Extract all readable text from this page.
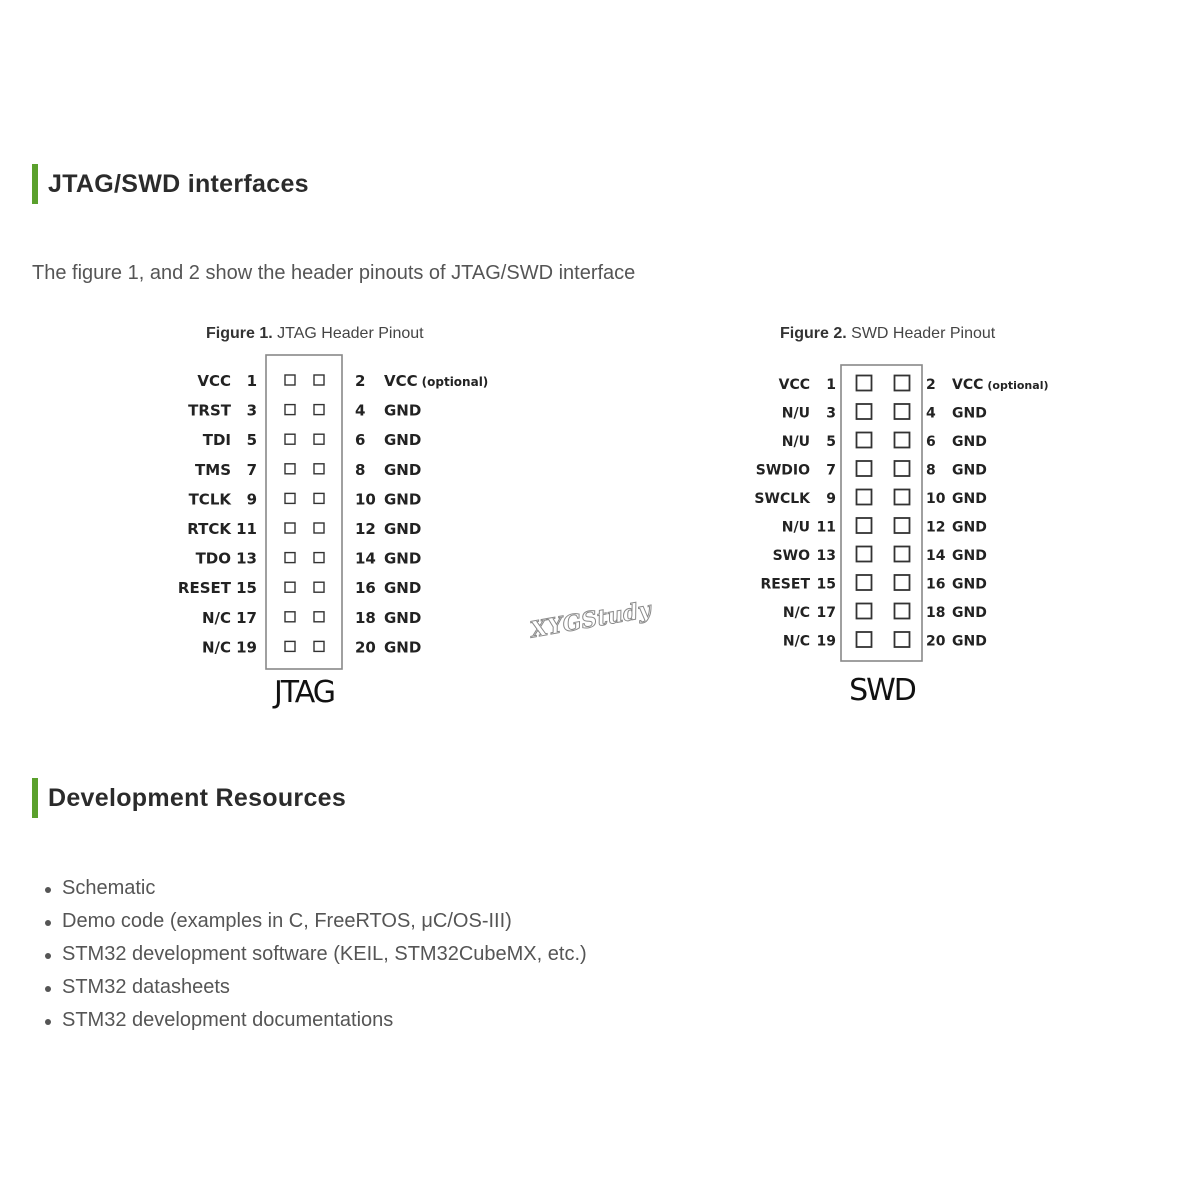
JTAG/SWD interfaces
The figure 1, and 2 show the header pinouts of JTAG/SWD interface
Figure 1. JTAG Header Pinout	Figure 2. SWD Header Pinout
VCC 1	2 VCC (optional)
TRST 3	4 GND
TDI 5	6 GND
TMS 7	8 GND
TCLK 9	10 GND
RTCK 11	12 GND
TDO 13	14 GND
RESET 15	16 GND
N/C 17	18 GND
N/C 19	20 GND
JTAG
VCC 1	2 VCC (optional)
N/U 3	4 GND
N/U 5	6 GND
SWDIO 7	8 GND
SWCLK 9	10 GND
N/U 11	12 GND
SWO 13	14 GND
RESET 15	16 GND
N/C 17	18 GND
N/C 19	20 GND
SWD
XYGStudy
Development Resources
Schematic
Demo code (examples in C, FreeRTOS, μC/OS-III)
STM32 development software (KEIL, STM32CubeMX, etc.)
STM32 datasheets
STM32 development documentations
